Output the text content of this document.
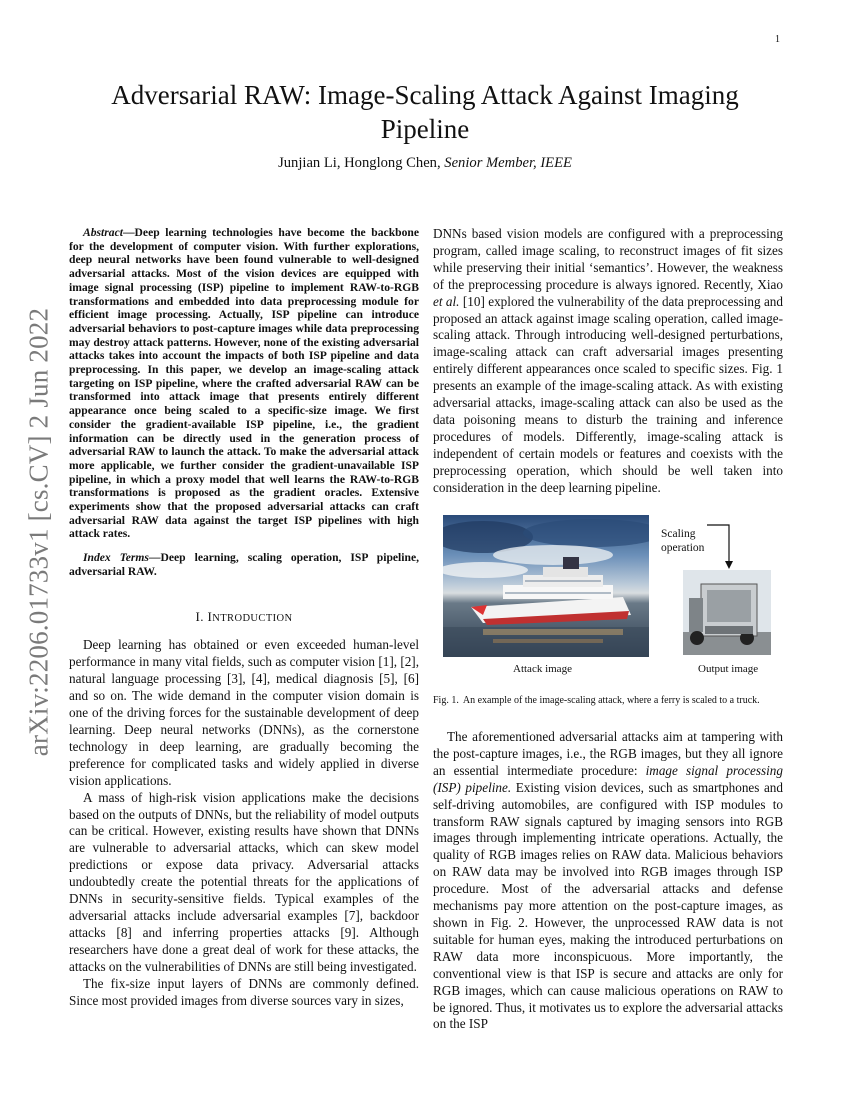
1
arXiv:2206.01733v1 [cs.CV] 2 Jun 2022
Adversarial RAW: Image-Scaling Attack Against Imaging Pipeline
Junjian Li, Honglong Chen, Senior Member, IEEE

Abstract—Deep learning technologies have become the backbone for the development of computer vision. With further explorations, deep neural networks have been found vulnerable to well-designed adversarial attacks. Most of the vision devices are equipped with image signal processing (ISP) pipeline to implement RAW-to-RGB transformations and embedded into data preprocessing module for efficient image processing. Actually, ISP pipeline can introduce adversarial behaviors to post-capture images while data preprocessing may destroy attack patterns. However, none of the existing adversarial attacks takes into account the impacts of both ISP pipeline and data preprocessing. In this paper, we develop an image-scaling attack targeting on ISP pipeline, where the crafted adversarial RAW can be transformed into attack image that presents entirely different appearance once being scaled to a specific-size image. We first consider the gradient-available ISP pipeline, i.e., the gradient information can be directly used in the generation process of adversarial RAW to launch the attack. To make the adversarial attack more applicable, we further consider the gradient-unavailable ISP pipeline, in which a proxy model that well learns the RAW-to-RGB transformations is proposed as the gradient oracles. Extensive experiments show that the proposed adversarial attacks can craft adversarial RAW data against the target ISP pipelines with high attack rates.

Index Terms—Deep learning, scaling operation, ISP pipeline, adversarial RAW.

I. INTRODUCTION

Deep learning has obtained or even exceeded human-level performance in many vital fields, such as computer vision [1], [2], natural language processing [3], [4], medical diagnosis [5], [6] and so on. The wide demand in the computer vision domain is one of the driving forces for the sustainable development of deep learning. Deep neural networks (DNNs), as the cornerstone technology in deep learning, are gradually becoming the preference for complicated tasks and widely applied in diverse vision applications.

A mass of high-risk vision applications make the decisions based on the outputs of DNNs, but the reliability of model outputs can be critical. However, existing results have shown that DNNs are vulnerable to adversarial attacks, which can skew model predictions or expose data privacy. Adversarial attacks undoubtedly create the potential threats for the applications of DNNs in security-sensitive fields. Typical examples of the adversarial attacks include adversarial examples [7], backdoor attacks [8] and inferring properties attacks [9]. Although researchers have done a great deal of work for these attacks, the attacks on the vulnerabilities of DNNs are still being investigated.

The fix-size input layers of DNNs are commonly defined. Since most provided images from diverse sources vary in sizes,

DNNs based vision models are configured with a preprocessing program, called image scaling, to reconstruct images of fit sizes while preserving their initial ‘semantics’. However, the weakness of the preprocessing procedure is always ignored. Recently, Xiao et al. [10] explored the vulnerability of the data preprocessing and proposed an attack against image scaling operation, called image-scaling attack. Through introducing well-designed perturbations, image-scaling attack can craft adversarial images presenting entirely different appearances once scaled to specific sizes. Fig. 1 presents an example of the image-scaling attack. As with existing adversarial attacks, image-scaling attack can also be used as the data poisoning means to disturb the training and inference procedures of models. Differently, image-scaling attack is independent of certain models or features and coexists with the preprocessing operation, which should be well taken into consideration in the deep learning pipeline.

Scaling
operation
Attack image	Output image

Fig. 1. An example of the image-scaling attack, where a ferry is scaled to a truck.

The aforementioned adversarial attacks aim at tampering with the post-capture images, i.e., the RGB images, but they all ignore an essential intermediate procedure: image signal processing (ISP) pipeline. Existing vision devices, such as smartphones and self-driving automobiles, are configured with ISP modules to transform RAW signals captured by imaging sensors into RGB images through implementing intricate operations. Actually, the quality of RGB images relies on RAW data. Malicious behaviors on RAW data may be involved into RGB images through ISP procedure. Most of the adversarial attacks and defense mechanisms pay more attention on the post-capture images, as shown in Fig. 2. However, the unprocessed RAW data is not suitable for human eyes, making the introduced perturbations on RAW data more inconspicuous. More importantly, the conventional view is that ISP is secure and attacks are only for RGB images, which can cause malicious operations on RAW to be ignored. Thus, it motivates us to explore the adversarial attacks on the ISP
